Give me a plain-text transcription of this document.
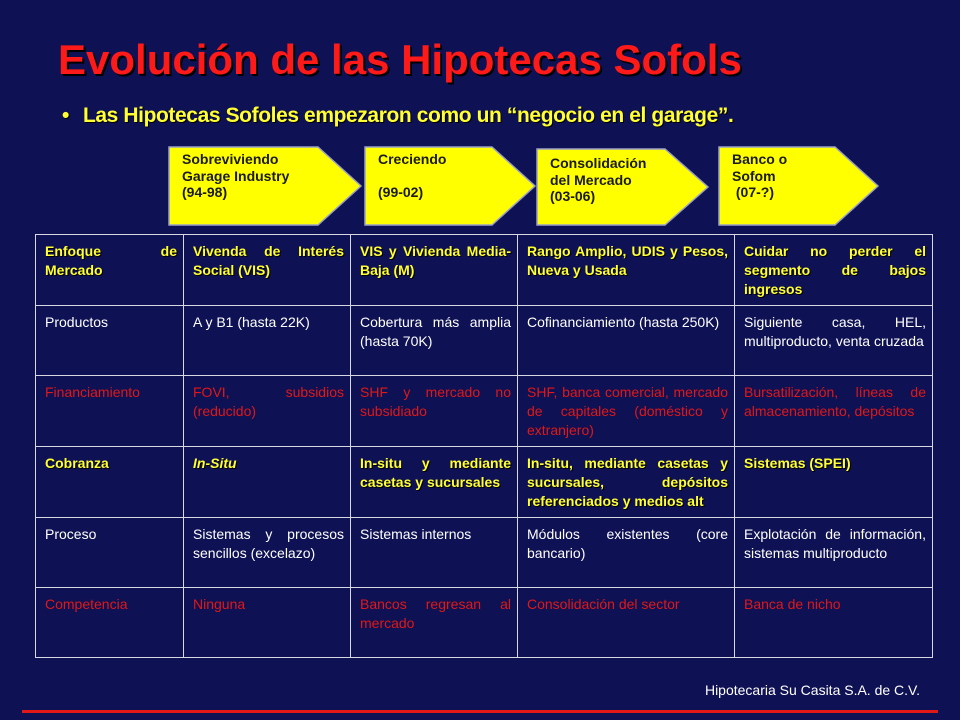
Evolución de las Hipotecas Sofols
• Las Hipotecas Sofoles empezaron como un “negocio en el garage”.
Sobreviviendo
Garage Industry
(94-98)
Creciendo

(99-02)
Consolidación
del Mercado
(03-06)
Banco o
Sofom
(07-?)
Enfoque de Mercado	Vivenda de Interés Social (VIS)	VIS y Vivienda Media-Baja (M)	Rango Amplio, UDIS y Pesos, Nueva y Usada	Cuidar no perder el segmento de bajos ingresos
Productos	A y B1 (hasta 22K)	Cobertura más amplia (hasta 70K)	Cofinanciamiento (hasta 250K)	Siguiente casa, HEL, multiproducto, venta cruzada
Financiamiento	FOVI, subsidios (reducido)	SHF y mercado no subsidiado	SHF, banca comercial, mercado de capitales (doméstico y extranjero)	Bursatilización, líneas de almacenamiento, depósitos
Cobranza	In-Situ	In-situ y mediante casetas y sucursales	In-situ, mediante casetas y sucursales, depósitos referenciados y medios alt	Sistemas (SPEI)
Proceso	Sistemas y procesos sencillos (excelazo)	Sistemas internos	Módulos existentes (core bancario)	Explotación de información, sistemas multiproducto
Competencia	Ninguna	Bancos regresan al mercado	Consolidación del sector	Banca de nicho
Hipotecaria Su Casita S.A. de C.V.
